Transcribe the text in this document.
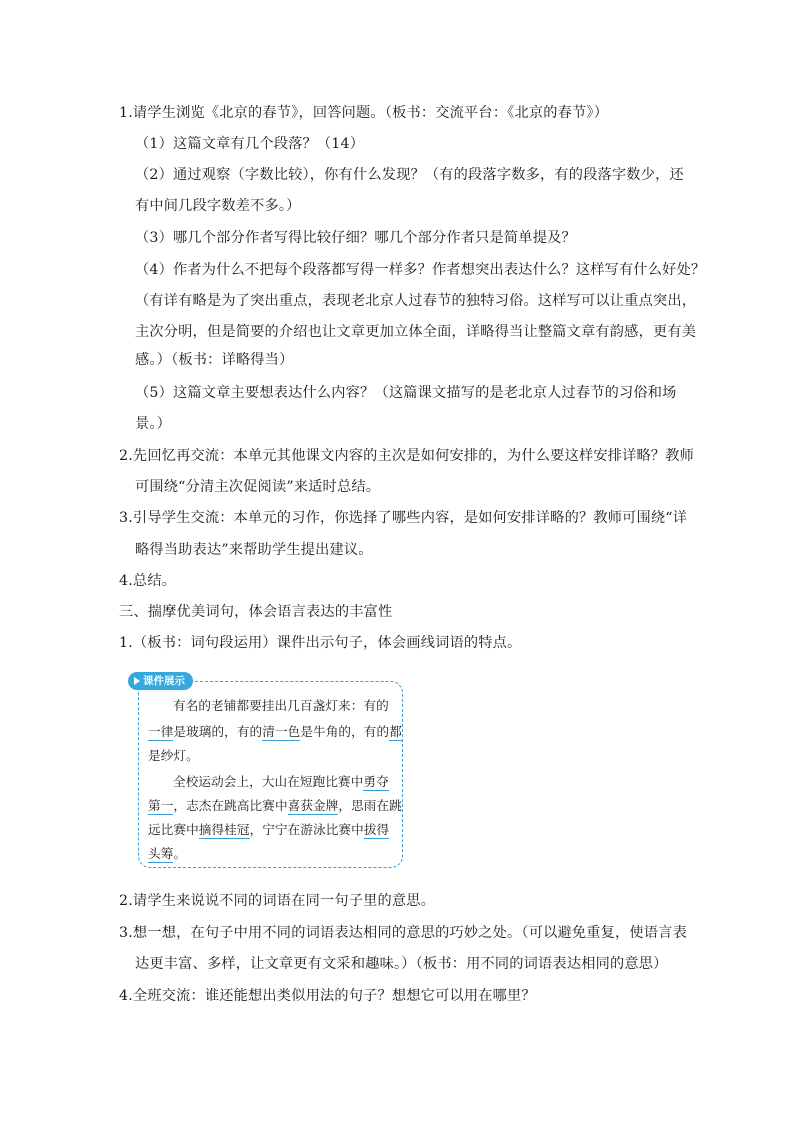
1.请学生浏览《北京的春节》，回答问题。（板书：交流平台：《北京的春节》）
（1）这篇文章有几个段落？（14）
（2）通过观察（字数比较），你有什么发现？（有的段落字数多，有的段落字数少，还
有中间几段字数差不多。）
（3）哪几个部分作者写得比较仔细？哪几个部分作者只是简单提及？
（4）作者为什么不把每个段落都写得一样多？作者想突出表达什么？这样写有什么好处？
（有详有略是为了突出重点，表现老北京人过春节的独特习俗。这样写可以让重点突出，
主次分明，但是简要的介绍也让文章更加立体全面，详略得当让整篇文章有韵感，更有美
感。）（板书：详略得当）
（5）这篇文章主要想表达什么内容？（这篇课文描写的是老北京人过春节的习俗和场
景。）
2.先回忆再交流：本单元其他课文内容的主次是如何安排的，为什么要这样安排详略？教师
可围绕“分清主次促阅读”来适时总结。
3.引导学生交流：本单元的习作，你选择了哪些内容，是如何安排详略的？教师可围绕“详
略得当助表达”来帮助学生提出建议。
4.总结。
三、揣摩优美词句，体会语言表达的丰富性
1.（板书：词句段运用）课件出示句子，体会画线词语的特点。
课件展示
有名的老铺都要挂出几百盏灯来：有的
一律是玻璃的，有的清一色是牛角的，有的都
是纱灯。
全校运动会上，大山在短跑比赛中勇夺
第一，志杰在跳高比赛中喜获金牌，思雨在跳
远比赛中摘得桂冠，宁宁在游泳比赛中拔得
头筹。
2.请学生来说说不同的词语在同一句子里的意思。
3.想一想，在句子中用不同的词语表达相同的意思的巧妙之处。（可以避免重复，使语言表
达更丰富、多样，让文章更有文采和趣味。）（板书：用不同的词语表达相同的意思）
4.全班交流：谁还能想出类似用法的句子？想想它可以用在哪里？
